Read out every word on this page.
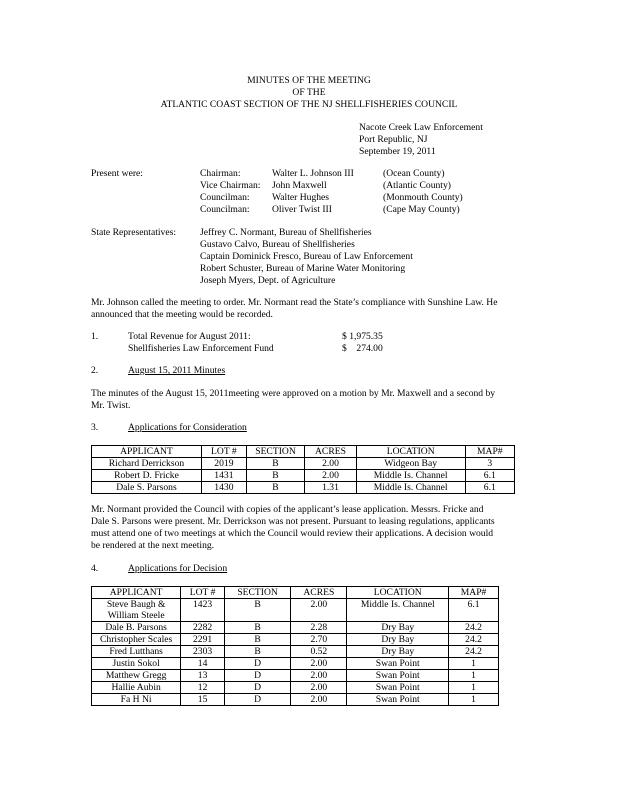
MINUTES OF THE MEETING
OF THE
ATLANTIC COAST SECTION OF THE NJ SHELLFISHERIES COUNCIL
Nacote Creek Law Enforcement
Port Republic, NJ
September 19, 2011
Present were:	Chairman:	Walter L. Johnson III	(Ocean County)
Vice Chairman: John Maxwell	(Atlantic County)
Councilman: Walter Hughes	(Monmouth County)
Councilman: Oliver Twist III	(Cape May County)
State Representatives:	Jeffrey C. Normant, Bureau of Shellfisheries
Gustavo Calvo, Bureau of Shellfisheries
Captain Dominick Fresco, Bureau of Law Enforcement
Robert Schuster, Bureau of Marine Water Monitoring
Joseph Myers, Dept. of Agriculture
Mr. Johnson called the meeting to order. Mr. Normant read the State’s compliance with Sunshine Law. He
announced that the meeting would be recorded.
1.	Total Revenue for August 2011:	$ 1,975.35
Shellfisheries Law Enforcement Fund	$    274.00
2.	August 15, 2011 Minutes
The minutes of the August 15, 2011meeting were approved on a motion by Mr. Maxwell and a second by
Mr. Twist.
3.	Applications for Consideration
APPLICANT	LOT #	SECTION	ACRES	LOCATION	MAP#
Richard Derrickson	2019	B	2.00	Widgeon Bay	3
Robert D. Fricke	1431	B	2.00	Middle Is. Channel	6.1
Dale S. Parsons	1430	B	1.31	Middle Is. Channel	6.1
Mr. Normant provided the Council with copies of the applicant’s lease application. Messrs. Fricke and
Dale S. Parsons were present. Mr. Derrickson was not present. Pursuant to leasing regulations, applicants
must attend one of two meetings at which the Council would review their applications. A decision would
be rendered at the next meeting.
4.	Applications for Decision
APPLICANT	LOT #	SECTION	ACRES	LOCATION	MAP#
Steve Baugh &
William Steele	1423	B	2.00	Middle Is. Channel	6.1
Dale B. Parsons	2282	B	2.28	Dry Bay	24.2
Christopher Scales	2291	B	2.70	Dry Bay	24.2
Fred Lutthans	2303	B	0.52	Dry Bay	24.2
Justin Sokol	14	D	2.00	Swan Point	1
Matthew Gregg	13	D	2.00	Swan Point	1
Hallie Aubin	12	D	2.00	Swan Point	1
Fa H Ni	15	D	2.00	Swan Point	1
